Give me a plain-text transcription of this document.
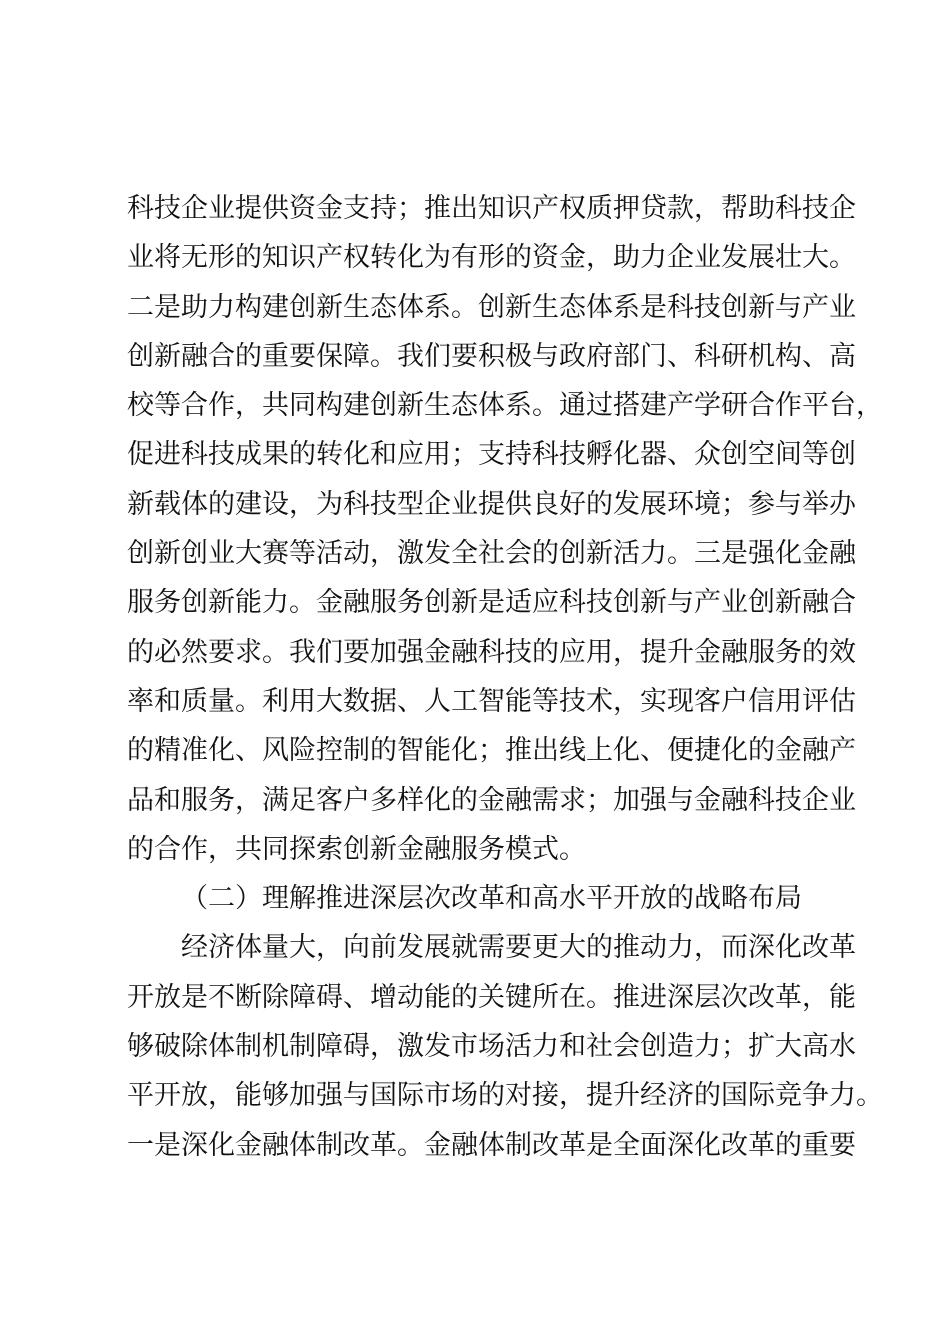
科技企业提供资金支持；推出知识产权质押贷款，帮助科技企
业将无形的知识产权转化为有形的资金，助力企业发展壮大。
二是助力构建创新生态体系。创新生态体系是科技创新与产业
创新融合的重要保障。我们要积极与政府部门、科研机构、高
校等合作，共同构建创新生态体系。通过搭建产学研合作平台，
促进科技成果的转化和应用；支持科技孵化器、众创空间等创
新载体的建设，为科技型企业提供良好的发展环境；参与举办
创新创业大赛等活动，激发全社会的创新活力。三是强化金融
服务创新能力。金融服务创新是适应科技创新与产业创新融合
的必然要求。我们要加强金融科技的应用，提升金融服务的效
率和质量。利用大数据、人工智能等技术，实现客户信用评估
的精准化、风险控制的智能化；推出线上化、便捷化的金融产
品和服务，满足客户多样化的金融需求；加强与金融科技企业
的合作，共同探索创新金融服务模式。
（二）理解推进深层次改革和高水平开放的战略布局
经济体量大，向前发展就需要更大的推动力，而深化改革
开放是不断除障碍、增动能的关键所在。推进深层次改革，能
够破除体制机制障碍，激发市场活力和社会创造力；扩大高水
平开放，能够加强与国际市场的对接，提升经济的国际竞争力。
一是深化金融体制改革。金融体制改革是全面深化改革的重要
